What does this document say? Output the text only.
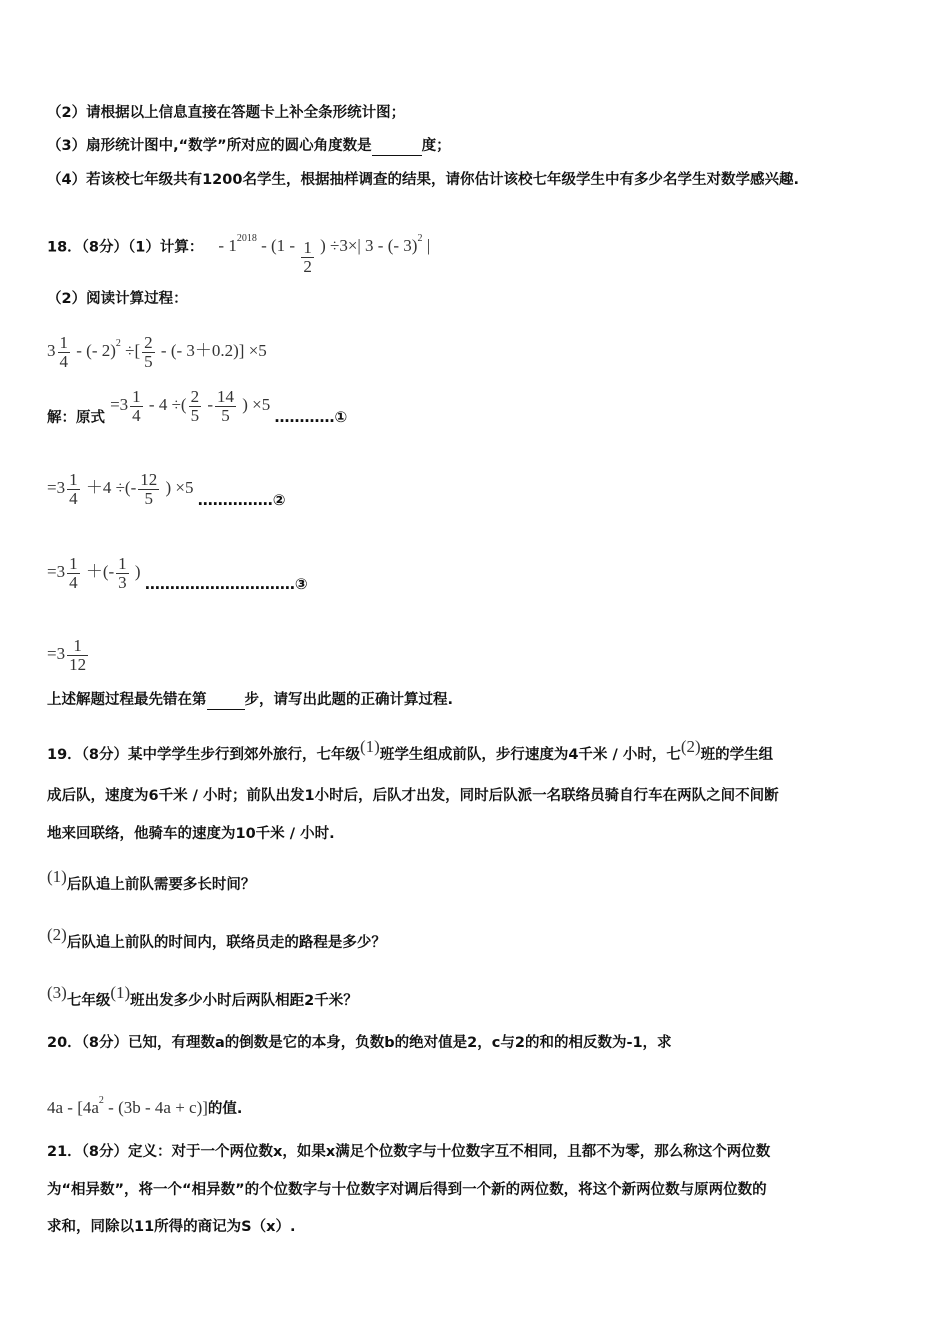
（2）请根据以上信息直接在答题卡上补全条形统计图；
（3）扇形统计图中,“数学”所对应的圆心角度数是	度；
（4）若该校七年级共有1200名学生，根据抽样调查的结果，请你估计该校七年级学生中有多少名学生对数学感兴趣.
18．（8分）（1）计算： - $1^{2018} - (1 - \frac{1}{2}$ ) ÷3×| 3 - (- 3)$^2$ |
（2）阅读计算过程：
$3 \frac{1}{4}$ - (- 2)$^2$ ÷[ $\frac{2}{5}$ - (- 3＋0.2)] ×5
解：原式 $=3 \frac{1}{4} - 4$ ÷( $\frac{2}{5} - \frac{14}{5}$ ) ×5 …………①
$=3 \frac{1}{4} +4$ ÷(- $\frac{12}{5}$ ) ×5 ……………②
$=3 \frac{1}{4}$ ＋(- $\frac{1}{3}$ ) …………………………③
$=3 \frac{1}{12}$
上述解题过程最先错在第	步，请写出此题的正确计算过程.
19．（8分）某中学学生步行到郊外旅行，七年级(1)班学生组成前队，步行速度为4千米 / 小时，七(2)班的学生组
成后队，速度为6千米 / 小时；前队出发1小时后，后队才出发，同时后队派一名联络员骑自行车在两队之间不间断
地来回联络，他骑车的速度为10千米 / 小时.
(1)后队追上前队需要多长时间？
(2)后队追上前队的时间内，联络员走的路程是多少？
(3)七年级(1)班出发多少小时后两队相距2千米？
20．（8分）已知，有理数a的倒数是它的本身，负数b的绝对值是2，c与2的和的相反数为-1，求
$4a - [4a^2 - (3b - 4a + c)]$的值.
21．（8分）定义：对于一个两位数x，如果x满足个位数字与十位数字互不相同，且都不为零，那么称这个两位数
为“相异数”，将一个“相异数”的个位数字与十位数字对调后得到一个新的两位数，将这个新两位数与原两位数的
求和，同除以11所得的商记为S（x）.
